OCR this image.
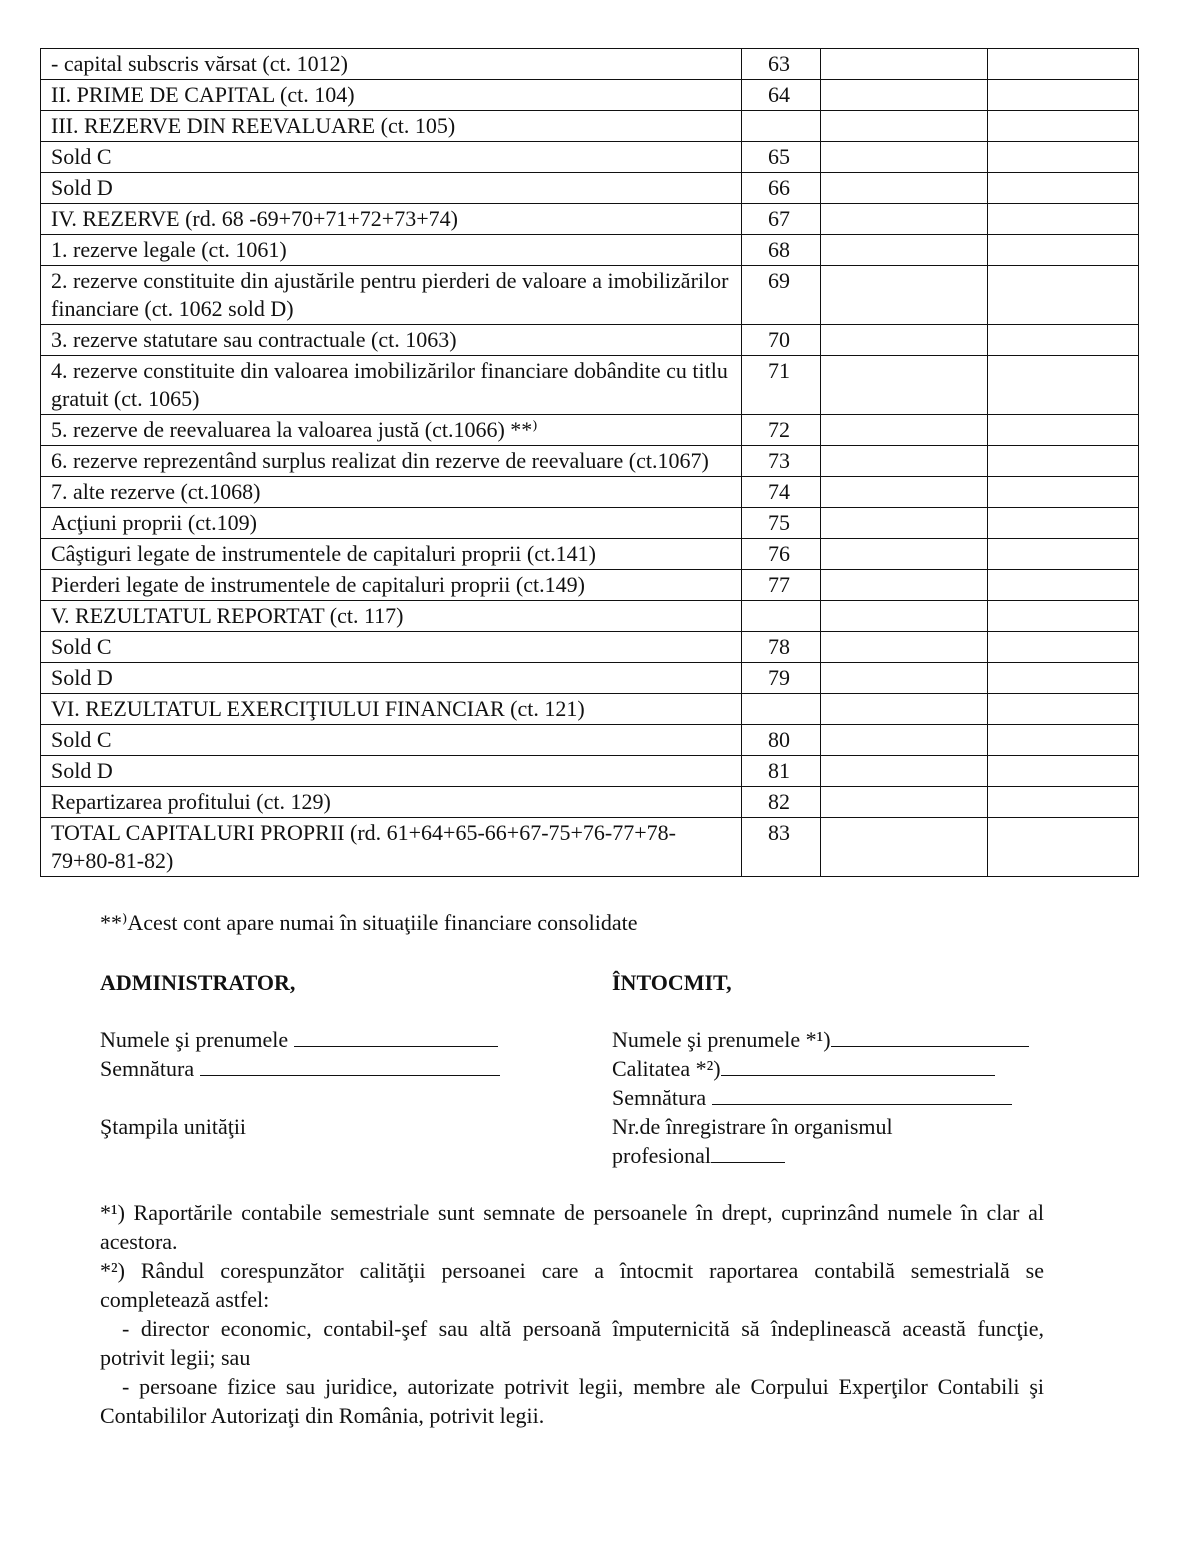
- capital subscris vărsat (ct. 1012)	63		
II. PRIME DE CAPITAL (ct. 104)	64		
III. REZERVE DIN REEVALUARE (ct. 105)			
Sold C	65		
Sold D	66		
IV. REZERVE (rd. 68 -69+70+71+72+73+74)	67		
1. rezerve legale (ct. 1061)	68		
2. rezerve constituite din ajustările pentru pierderi de valoare a imobilizărilor financiare (ct. 1062 sold D)	69		
3. rezerve statutare sau contractuale (ct. 1063)	70		
4. rezerve constituite din valoarea imobilizărilor financiare dobândite cu titlu gratuit (ct. 1065)	71		
5. rezerve de reevaluarea la valoarea justă (ct.1066) **⁾	72		
6. rezerve reprezentând surplus realizat din rezerve de reevaluare (ct.1067)	73		
7. alte rezerve (ct.1068)	74		
Acţiuni proprii (ct.109)	75		
Câştiguri legate de instrumentele de capitaluri proprii (ct.141)	76		
Pierderi legate de instrumentele de capitaluri proprii (ct.149)	77		
V. REZULTATUL REPORTAT (ct. 117)			
Sold C	78		
Sold D	79		
VI. REZULTATUL EXERCIŢIULUI FINANCIAR (ct. 121)			
Sold C	80		
Sold D	81		
Repartizarea profitului (ct. 129)	82		
TOTAL CAPITALURI PROPRII (rd. 61+64+65-66+67-75+76-77+78-79+80-81-82)	83		
**⁾Acest cont apare numai în situaţiile financiare consolidate
ADMINISTRATOR,
Numele şi prenumele
Semnătura
Ştampila unităţii
ÎNTOCMIT,
Numele şi prenumele *¹)
Calitatea *²)
Semnătura
Nr.de înregistrare în organismul
profesional

*¹) Raportările contabile semestriale sunt semnate de persoanele în drept, cuprinzând numele în clar al acestora.

*²) Rândul corespunzător calităţii persoanei care a întocmit raportarea contabilă semestrială se completează astfel:

- director economic, contabil-şef sau altă persoană împuternicită să îndeplinească această funcţie, potrivit legii; sau

- persoane fizice sau juridice, autorizate potrivit legii, membre ale Corpului Experţilor Contabili şi Contabililor Autorizaţi din România, potrivit legii.
